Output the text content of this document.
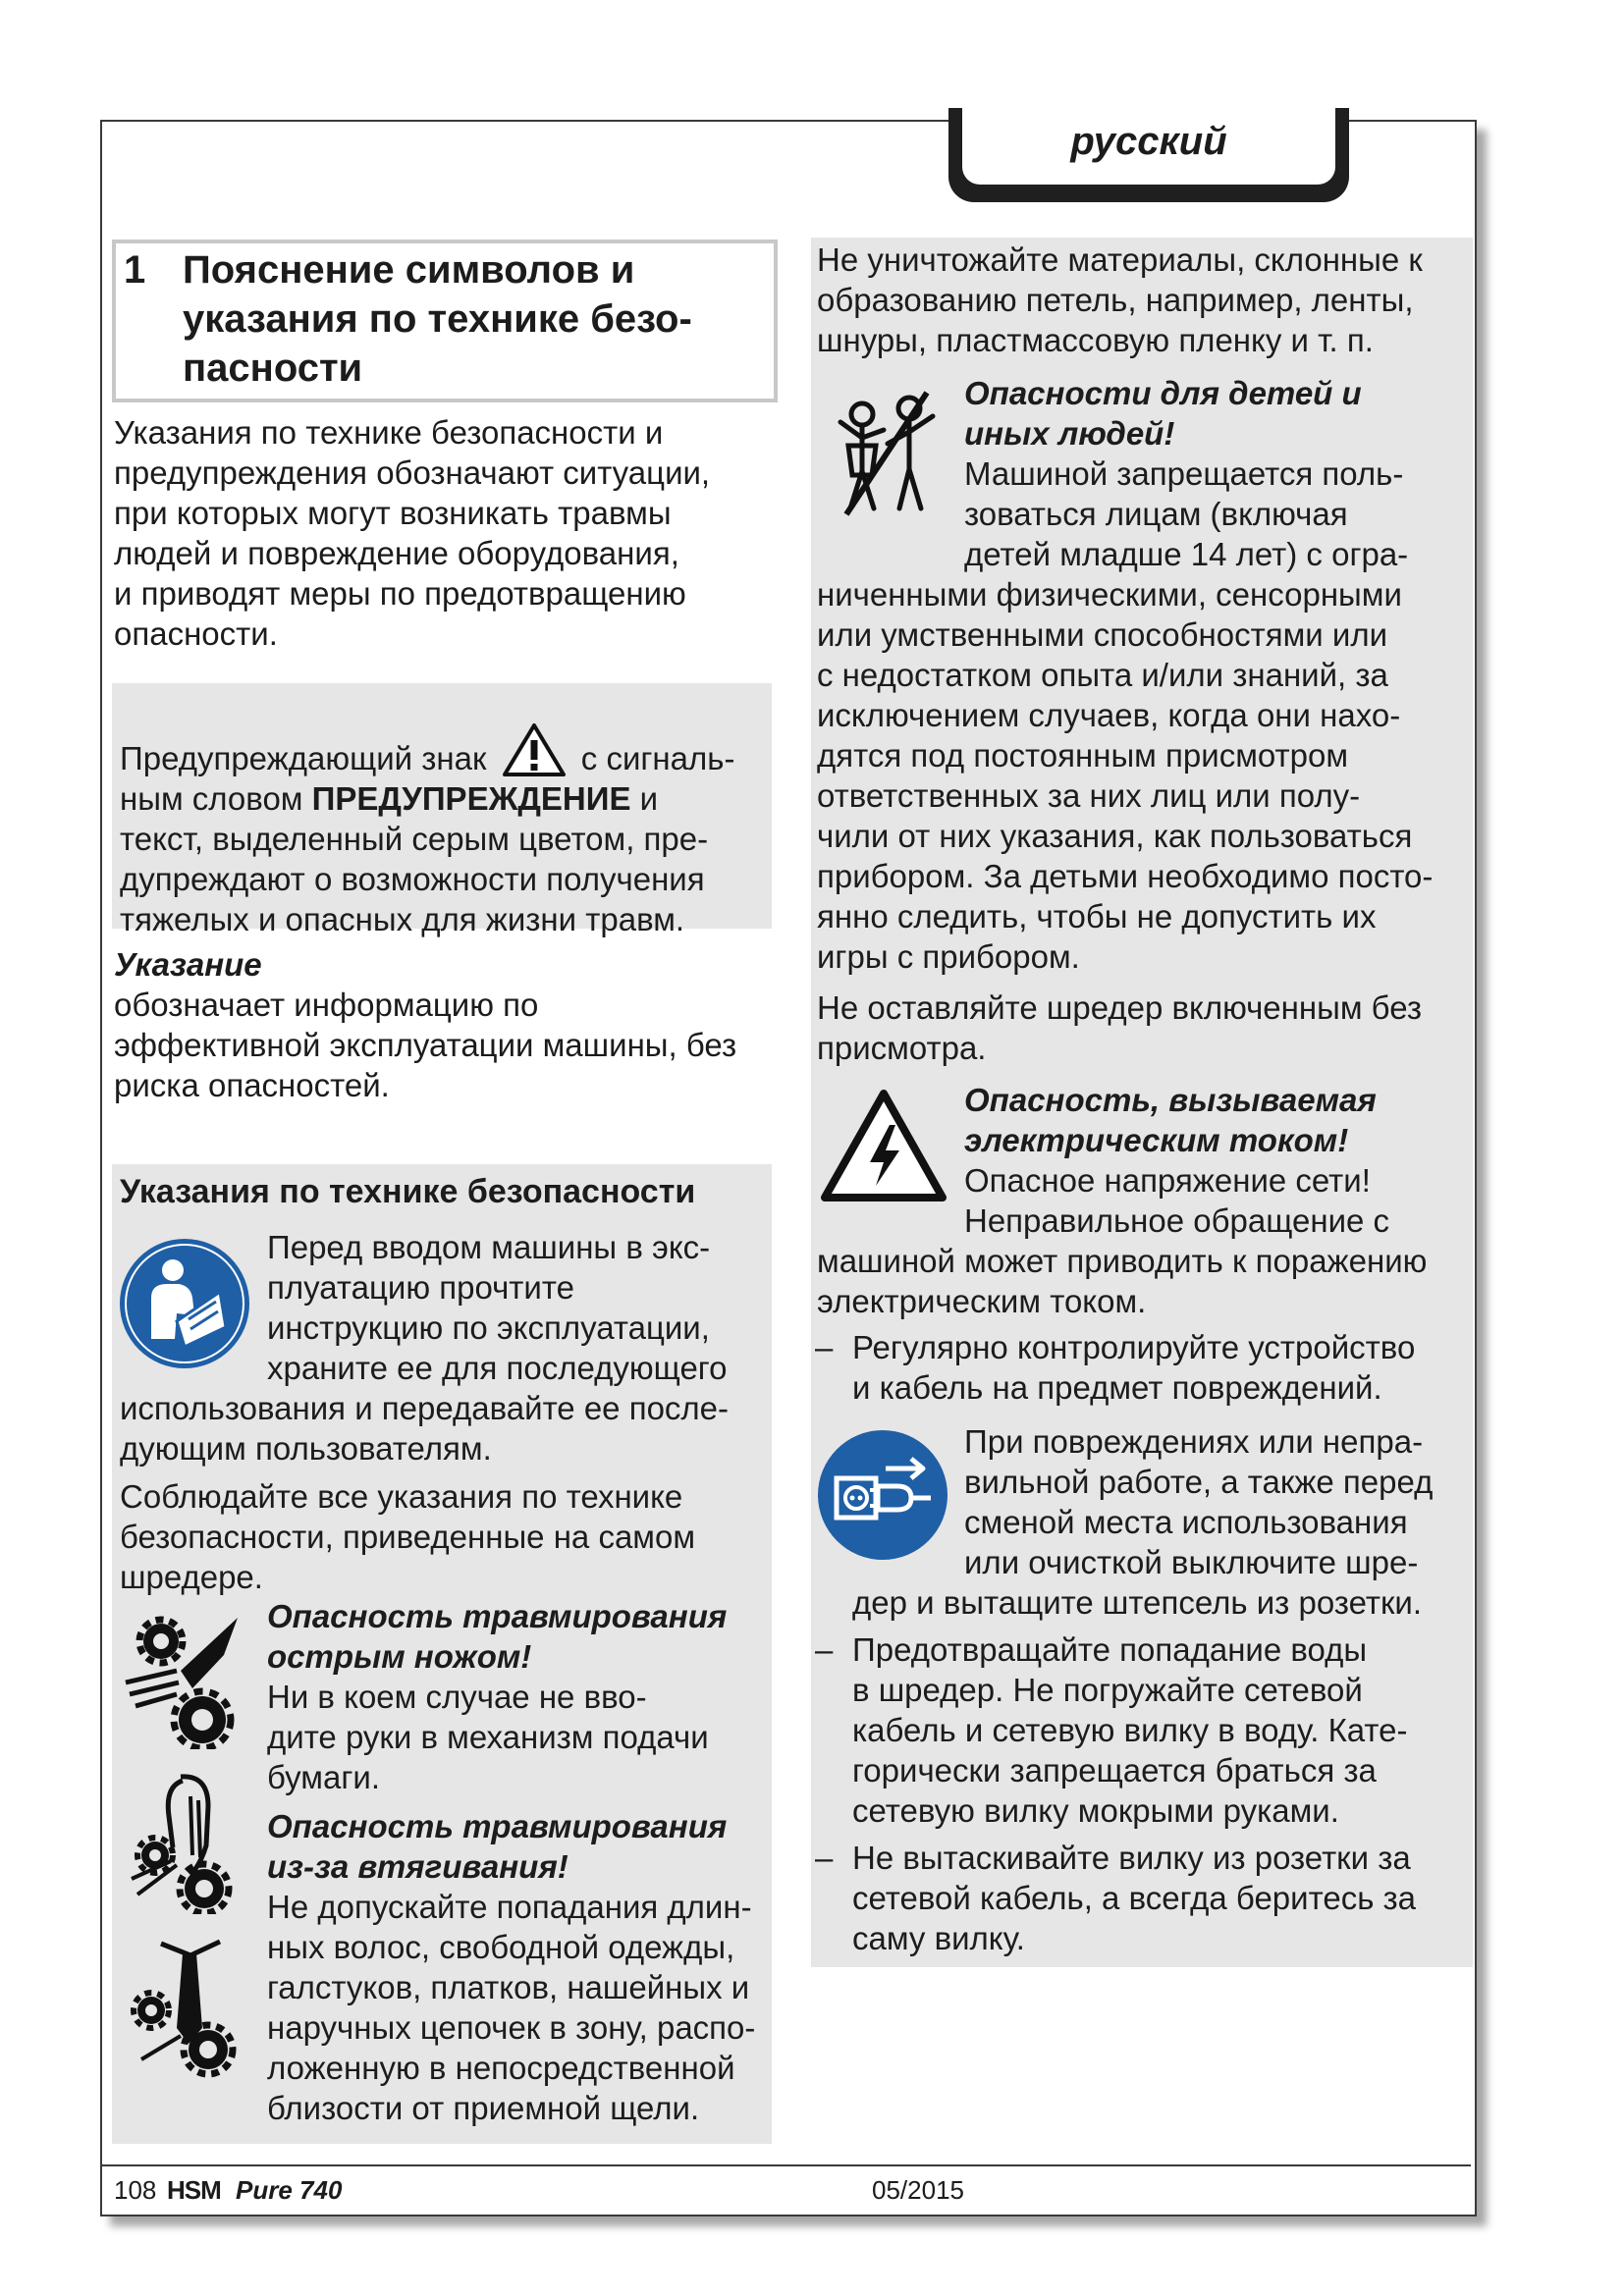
русский
1 Пояснение символов и
указания по технике безо-
пасности

Указания по технике безопасности и

предупреждения обозначают ситуации,

при которых могут возникать травмы

людей и повреждение оборудования,

и приводят меры по предотвращению

опасности.

Предупреждающий знак	с сигналь-

ным словом ПРЕДУПРЕЖДЕНИЕ и

текст, выделенный серым цветом, пре-

дупреждают о возможности получения

тяжелых и опасных для жизни травм.

Указание

обозначает информацию по

эффективной эксплуатации машины, без

риска опасностей.

Указания по технике безопасности

Перед вводом машины в экс-

плуатацию прочтите

инструкцию по эксплуатации,

храните ее для последующего

использования и передавайте ее после-

дующим пользователям.

Соблюдайте все указания по технике

безопасности, приведенные на самом

шредере.

Опасность травмирования

острым ножом!

Ни в коем случае не вво-

дите руки в механизм подачи

бумаги.

Опасность травмирования

из-за втягивания!

Не допускайте попадания длин-

ных волос, свободной одежды,

галстуков, платков, нашейных и

наручных цепочек в зону, распо-

ложенную в непосредственной

близости от приемной щели.

Не уничтожайте материалы, склонные к

образованию петель, например, ленты,

шнуры, пластмассовую пленку и т. п.

Опасности для детей и

иных людей!

Машиной запрещается поль-

зоваться лицам (включая

детей младше 14 лет) с огра-

ниченными физическими, сенсорными

или умственными способностями или

с недостатком опыта и/или знаний, за

исключением случаев, когда они нахо-

дятся под постоянным присмотром

ответственных за них лиц или полу-

чили от них указания, как пользоваться

прибором. За детьми необходимо посто-

янно следить, чтобы не допустить их

игры с прибором.

Не оставляйте шредер включенным без

присмотра.

Опасность, вызываемая

электрическим током!

Опасное напряжение сети!

Неправильное обращение с

машиной может приводить к поражению

электрическим током.

– Регулярно контролируйте устройство

и кабель на предмет повреждений.

При повреждениях или непра-

вильной работе, а также перед

сменой места использования

или очисткой выключите шре-

дер и вытащите штепсель из розетки.
– Предотвращайте попадание воды

в шредер. Не погружайте сетевой

кабель и сетевую вилку в воду. Кате-

горически запрещается браться за

сетевую вилку мокрыми руками.

– Не вытаскивайте вилку из розетки за

сетевой кабель, а всегда беритесь за

саму вилку.

108 HSM Pure 740	05/2015
